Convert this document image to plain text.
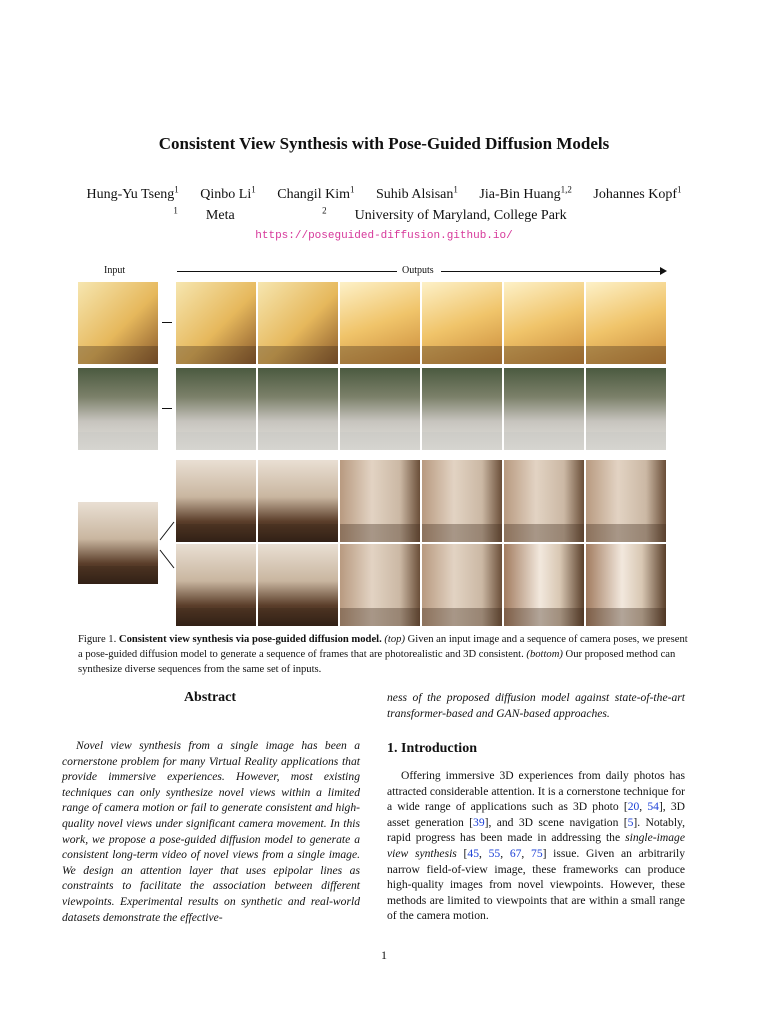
Consistent View Synthesis with Pose-Guided Diffusion Models
Hung-Yu Tseng$^1$ Qinbo Li$^1$ Changil Kim$^1$ Suhib Alsisan$^1$ Jia-Bin Huang$^{1,2}$ Johannes Kopf$^1$
$^1$ Meta	$^2$ University of Maryland, College Park
https://poseguided-diffusion.github.io/
Input	Outputs
Figure 1. Consistent view synthesis via pose-guided diffusion model. (top) Given an input image and a sequence of camera poses, we present a pose-guided diffusion model to generate a sequence of frames that are photorealistic and 3D consistent. (bottom) Our proposed method can synthesize diverse sequences from the same set of inputs.
Abstract
Novel view synthesis from a single image has been a cornerstone problem for many Virtual Reality applications that provide immersive experiences. However, most existing techniques can only synthesize novel views within a limited range of camera motion or fail to generate consistent and high-quality novel views under significant camera movement. In this work, we propose a pose-guided diffusion model to generate a consistent long-term video of novel views from a single image. We design an attention layer that uses epipolar lines as constraints to facilitate the association between different viewpoints. Experimental results on synthetic and real-world datasets demonstrate the effective-
ness of the proposed diffusion model against state-of-the-art transformer-based and GAN-based approaches.
1. Introduction
Offering immersive 3D experiences from daily photos has attracted considerable attention. It is a cornerstone technique for a wide range of applications such as 3D photo [20, 54], 3D asset generation [39], and 3D scene navigation [5]. Notably, rapid progress has been made in addressing the single-image view synthesis [45, 55, 67, 75] issue. Given an arbitrarily narrow field-of-view image, these frameworks can produce high-quality images from novel viewpoints. However, these methods are limited to viewpoints that are within a small range of the camera motion.
1
